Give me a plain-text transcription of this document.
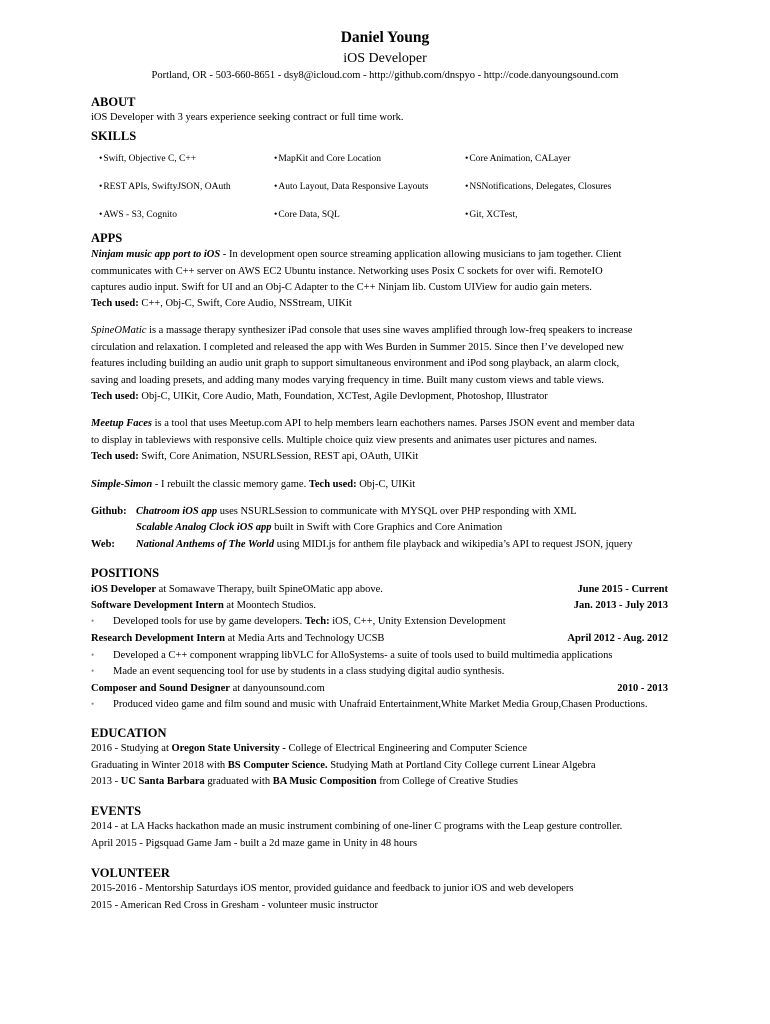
Daniel Young
iOS Developer
Portland, OR - 503-660-8651 - dsy8@icloud.com - http://github.com/dnspyo - http://code.danyoungsound.com
ABOUT
iOS Developer with 3 years experience seeking contract or full time work.
SKILLS
• Swift, Objective C, C++	• MapKit and Core Location	• Core Animation, CALayer
• REST APIs, SwiftyJSON, OAuth	• Auto Layout, Data Responsive Layouts	• NSNotifications, Delegates, Closures
• AWS - S3, Cognito	• Core Data, SQL	• Git, XCTest,
APPS
Ninjam music app port to iOS - In development open source streaming application allowing musicians to jam together. Client
communicates with C++ server on AWS EC2 Ubuntu instance. Networking uses Posix C sockets for over wifi. RemoteIO
captures audio input. Swift for UI and an Obj-C Adapter to the C++ Ninjam lib. Custom UIView for audio gain meters.
Tech used: C++, Obj-C, Swift, Core Audio, NSStream, UIKit
SpineOMatic is a massage therapy synthesizer iPad console that uses sine waves amplified through low-freq speakers to increase
circulation and relaxation. I completed and released the app with Wes Burden in Summer 2015. Since then I’ve developed new
features including building an audio unit graph to support simultaneous environment and iPod song playback, an alarm clock,
saving and loading presets, and adding many modes varying frequency in time. Built many custom views and table views.
Tech used: Obj-C, UIKit, Core Audio, Math, Foundation, XCTest, Agile Devlopment, Photoshop, Illustrator
Meetup Faces is a tool that uses Meetup.com API to help members learn eachothers names. Parses JSON event and member data
to display in tableviews with responsive cells. Multiple choice quiz view presents and animates user pictures and names.
Tech used: Swift, Core Animation, NSURLSession, REST api, OAuth, UIKit
Simple-Simon - I rebuilt the classic memory game. Tech used: Obj-C, UIKit
Github: Chatroom iOS app uses NSURLSession to communicate with MYSQL over PHP responding with XML
Scalable Analog Clock iOS app built in Swift with Core Graphics and Core Animation
Web: National Anthems of The World using MIDI.js for anthem file playback and wikipedia’s API to request JSON, jquery
POSITIONS
iOS Developer at Somawave Therapy, built SpineOMatic app above.	June 2015 - Current
Software Development Intern at Moontech Studios.	Jan. 2013 - July 2013
• Developed tools for use by game developers. Tech: iOS, C++, Unity Extension Development
Research Development Intern at Media Arts and Technology UCSB	April 2012 - Aug. 2012
• Developed a C++ component wrapping libVLC for AlloSystems- a suite of tools used to build multimedia applications
• Made an event sequencing tool for use by students in a class studying digital audio synthesis.
Composer and Sound Designer at danyounsound.com	2010 - 2013
• Produced video game and film sound and music with Unafraid Entertainment,White Market Media Group,Chasen Productions.
EDUCATION
2016 - Studying at Oregon State University - College of Electrical Engineering and Computer Science
Graduating in Winter 2018 with BS Computer Science. Studying Math at Portland City College current Linear Algebra
2013 - UC Santa Barbara graduated with BA Music Composition from College of Creative Studies
EVENTS
2014 - at LA Hacks hackathon made an music instrument combining of one-liner C programs with the Leap gesture controller.
April 2015 - Pigsquad Game Jam - built a 2d maze game in Unity in 48 hours
VOLUNTEER
2015-2016 - Mentorship Saturdays iOS mentor, provided guidance and feedback to junior iOS and web developers
2015 - American Red Cross in Gresham - volunteer music instructor
